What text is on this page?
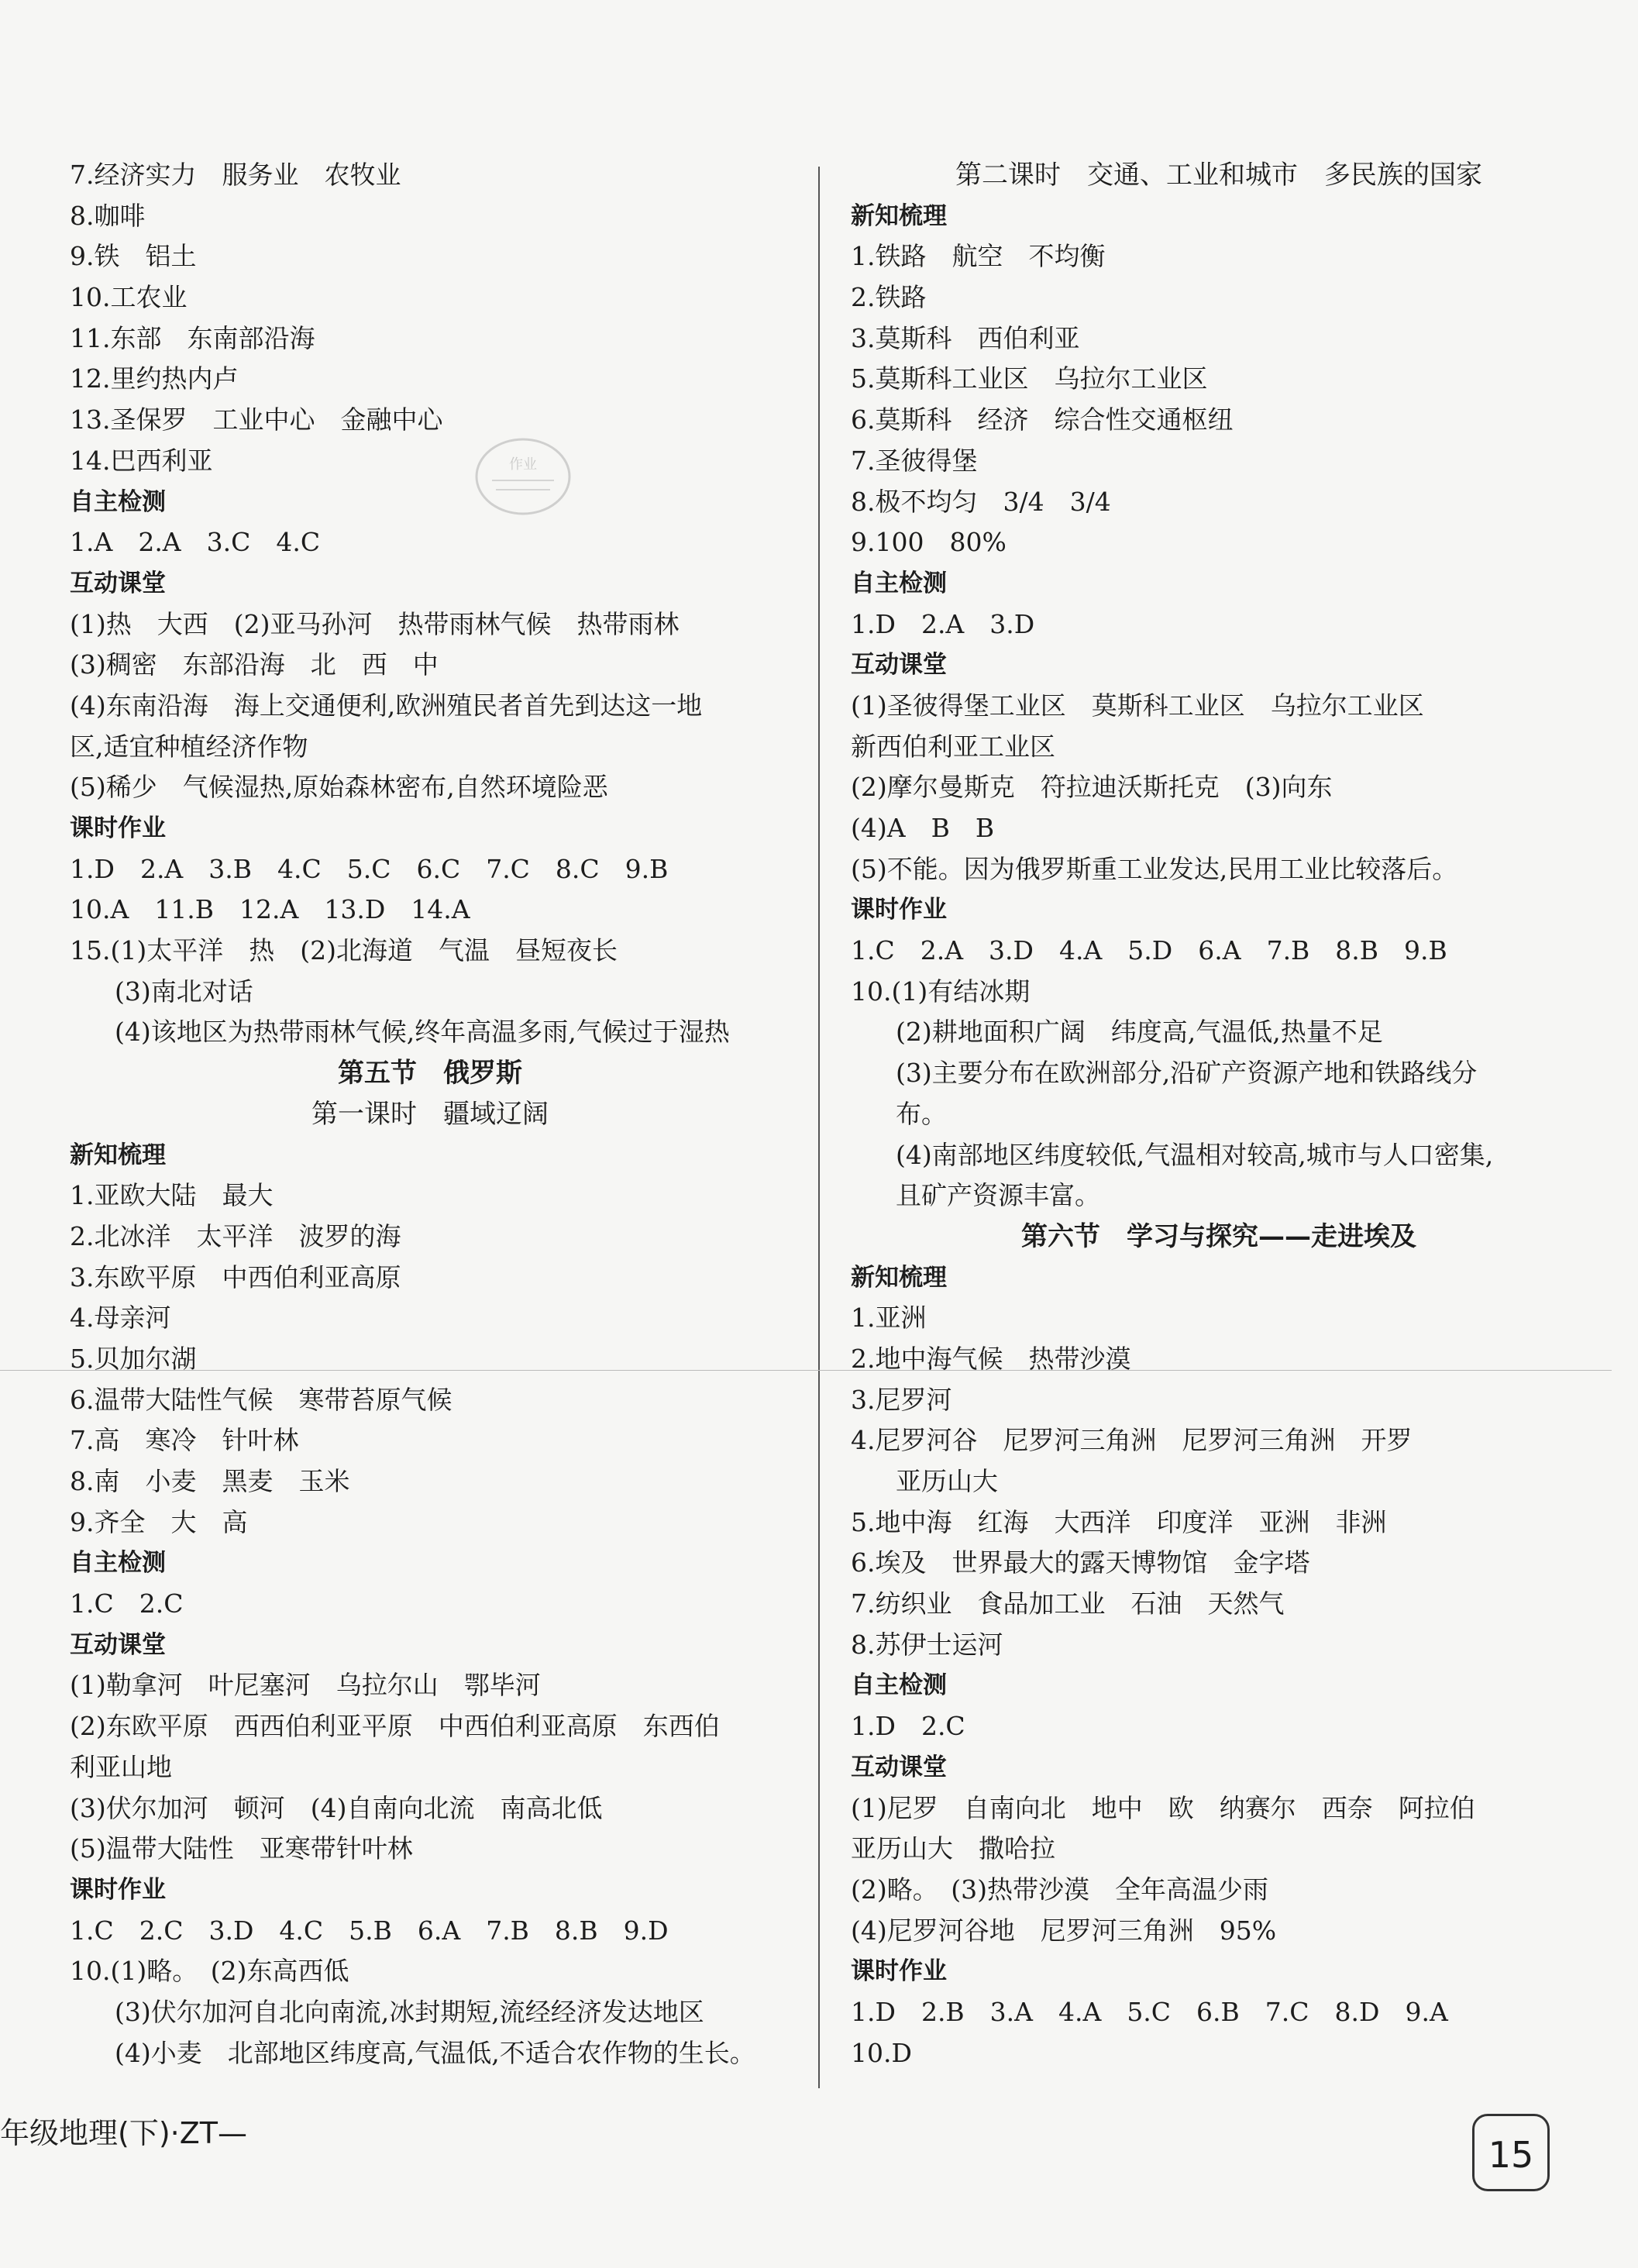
7.经济实力　服务业　农牧业
8.咖啡
9.铁　铝土
10.工农业
11.东部　东南部沿海
12.里约热内卢
13.圣保罗　工业中心　金融中心
14.巴西利亚
自主检测
1.A　2.A　3.C　4.C
互动课堂
(1)热　大西　(2)亚马孙河　热带雨林气候　热带雨林
(3)稠密　东部沿海　北　西　中
(4)东南沿海　海上交通便利,欧洲殖民者首先到达这一地
区,适宜种植经济作物
(5)稀少　气候湿热,原始森林密布,自然环境险恶
课时作业
1.D　2.A　3.B　4.C　5.C　6.C　7.C　8.C　9.B
10.A　11.B　12.A　13.D　14.A
15.(1)太平洋　热　(2)北海道　气温　昼短夜长
(3)南北对话
(4)该地区为热带雨林气候,终年高温多雨,气候过于湿热
第五节　俄罗斯
第一课时　疆域辽阔
新知梳理
1.亚欧大陆　最大
2.北冰洋　太平洋　波罗的海
3.东欧平原　中西伯利亚高原
4.母亲河
5.贝加尔湖
6.温带大陆性气候　寒带苔原气候
7.高　寒冷　针叶林
8.南　小麦　黑麦　玉米
9.齐全　大　高
自主检测
1.C　2.C
互动课堂
(1)勒拿河　叶尼塞河　乌拉尔山　鄂毕河
(2)东欧平原　西西伯利亚平原　中西伯利亚高原　东西伯
利亚山地
(3)伏尔加河　顿河　(4)自南向北流　南高北低
(5)温带大陆性　亚寒带针叶林
课时作业
1.C　2.C　3.D　4.C　5.B　6.A　7.B　8.B　9.D
10.(1)略。　(2)东高西低
(3)伏尔加河自北向南流,冰封期短,流经经济发达地区
(4)小麦　北部地区纬度高,气温低,不适合农作物的生长。
第二课时　交通、工业和城市　多民族的国家
新知梳理
1.铁路　航空　不均衡
2.铁路
3.莫斯科　西伯利亚
5.莫斯科工业区　乌拉尔工业区
6.莫斯科　经济　综合性交通枢纽
7.圣彼得堡
8.极不均匀　3/4　3/4
9.100　80%
自主检测
1.D　2.A　3.D
互动课堂
(1)圣彼得堡工业区　莫斯科工业区　乌拉尔工业区
新西伯利亚工业区
(2)摩尔曼斯克　符拉迪沃斯托克　(3)向东
(4)A　B　B
(5)不能。因为俄罗斯重工业发达,民用工业比较落后。
课时作业
1.C　2.A　3.D　4.A　5.D　6.A　7.B　8.B　9.B
10.(1)有结冰期
(2)耕地面积广阔　纬度高,气温低,热量不足
(3)主要分布在欧洲部分,沿矿产资源产地和铁路线分
布。
(4)南部地区纬度较低,气温相对较高,城市与人口密集,
且矿产资源丰富。
第六节　学习与探究——走进埃及
新知梳理
1.亚洲
2.地中海气候　热带沙漠
3.尼罗河
4.尼罗河谷　尼罗河三角洲　尼罗河三角洲　开罗
亚历山大
5.地中海　红海　大西洋　印度洋　亚洲　非洲
6.埃及　世界最大的露天博物馆　金字塔
7.纺织业　食品加工业　石油　天然气
8.苏伊士运河
自主检测
1.D　2.C
互动课堂
(1)尼罗　自南向北　地中　欧　纳赛尔　西奈　阿拉伯
亚历山大　撒哈拉
(2)略。　(3)热带沙漠　全年高温少雨
(4)尼罗河谷地　尼罗河三角洲　95%
课时作业
1.D　2.B　3.A　4.A　5.C　6.B　7.C　8.D　9.A
10.D
作业
年级地理(下)·ZT—
15
